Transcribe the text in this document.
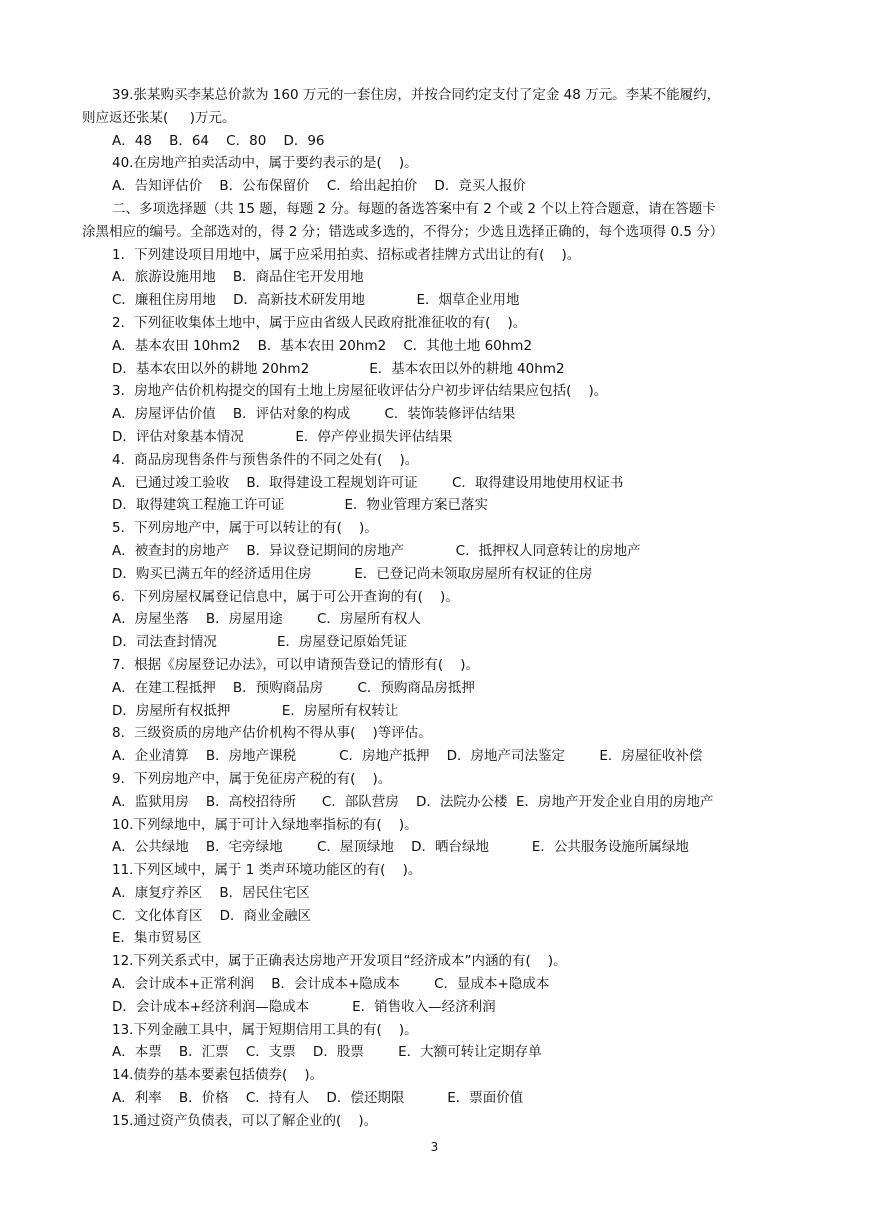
39.张某购买李某总价款为 160 万元的一套住房，并按合同约定支付了定金 48 万元。李某不能履约，
则应返还张某(     )万元。
A．48    B．64    C．80    D．96
40.在房地产拍卖活动中，属于要约表示的是(    )。
A．告知评估价    B．公布保留价    C．给出起拍价    D．竞买人报价
二、多项选择题（共 15 题，每题 2 分。每题的备选答案中有 2 个或 2 个以上符合题意，请在答题卡
涂黑相应的编号。全部选对的，得 2 分；错选或多选的，不得分；少选且选择正确的，每个选项得 0.5 分）
1．下列建设项目用地中，属于应采用拍卖、招标或者挂牌方式出让的有(    )。
A．旅游设施用地    B．商品住宅开发用地
C．廉租住房用地    D．高新技术研发用地            E．烟草企业用地
2．下列征收集体土地中，属于应由省级人民政府批准征收的有(    )。
A．基本农田 10hm2    B．基本农田 20hm2    C．其他土地 60hm2
D．基本农田以外的耕地 20hm2              E．基本农田以外的耕地 40hm2
3．房地产估价机构提交的国有土地上房屋征收评估分户初步评估结果应包括(    )。
A．房屋评估价值    B．评估对象的构成        C．装饰装修评估结果
D．评估对象基本情况            E．停产停业损失评估结果
4．商品房现售条件与预售条件的不同之处有(    )。
A．已通过竣工验收    B．取得建设工程规划许可证        C．取得建设用地使用权证书
D．取得建筑工程施工许可证              E．物业管理方案已落实
5．下列房地产中，属于可以转让的有(    )。
A．被查封的房地产    B．异议登记期间的房地产            C．抵押权人同意转让的房地产
D．购买已满五年的经济适用住房          E．已登记尚未领取房屋所有权证的住房
6．下列房屋权属登记信息中，属于可公开查询的有(    )。
A．房屋坐落    B．房屋用途        C．房屋所有权人
D．司法查封情况              E．房屋登记原始凭证
7．根据《房屋登记办法》，可以申请预告登记的情形有(    )。
A．在建工程抵押    B．预购商品房        C．预购商品房抵押
D．房屋所有权抵押            E．房屋所有权转让
8．三级资质的房地产估价机构不得从事(    )等评估。
A．企业清算    B．房地产课税          C．房地产抵押    D．房地产司法鉴定        E．房屋征收补偿
9．下列房地产中，属于免征房产税的有(    )。
A．监狱用房    B．高校招待所      C．部队营房    D．法院办公楼  E．房地产开发企业自用的房地产
10.下列绿地中，属于可计入绿地率指标的有(    )。
A．公共绿地    B．宅旁绿地        C．屋顶绿地    D．晒台绿地          E．公共服务设施所属绿地
11.下列区域中，属于 1 类声环境功能区的有(    )。
A．康复疗养区    B．居民住宅区
C．文化体育区    D．商业金融区
E．集市贸易区
12.下列关系式中，属于正确表达房地产开发项目“经济成本”内涵的有(    )。
A．会计成本+正常利润    B．会计成本+隐成本        C．显成本+隐成本
D．会计成本+经济利润—隐成本          E．销售收入—经济利润
13.下列金融工具中，属于短期信用工具的有(    )。
A．本票    B．汇票    C．支票    D．股票        E．大额可转让定期存单
14.债券的基本要素包括债券(    )。
A．利率    B．价格    C．持有人    D．偿还期限          E．票面价值
15.通过资产负债表，可以了解企业的(    )。
3
